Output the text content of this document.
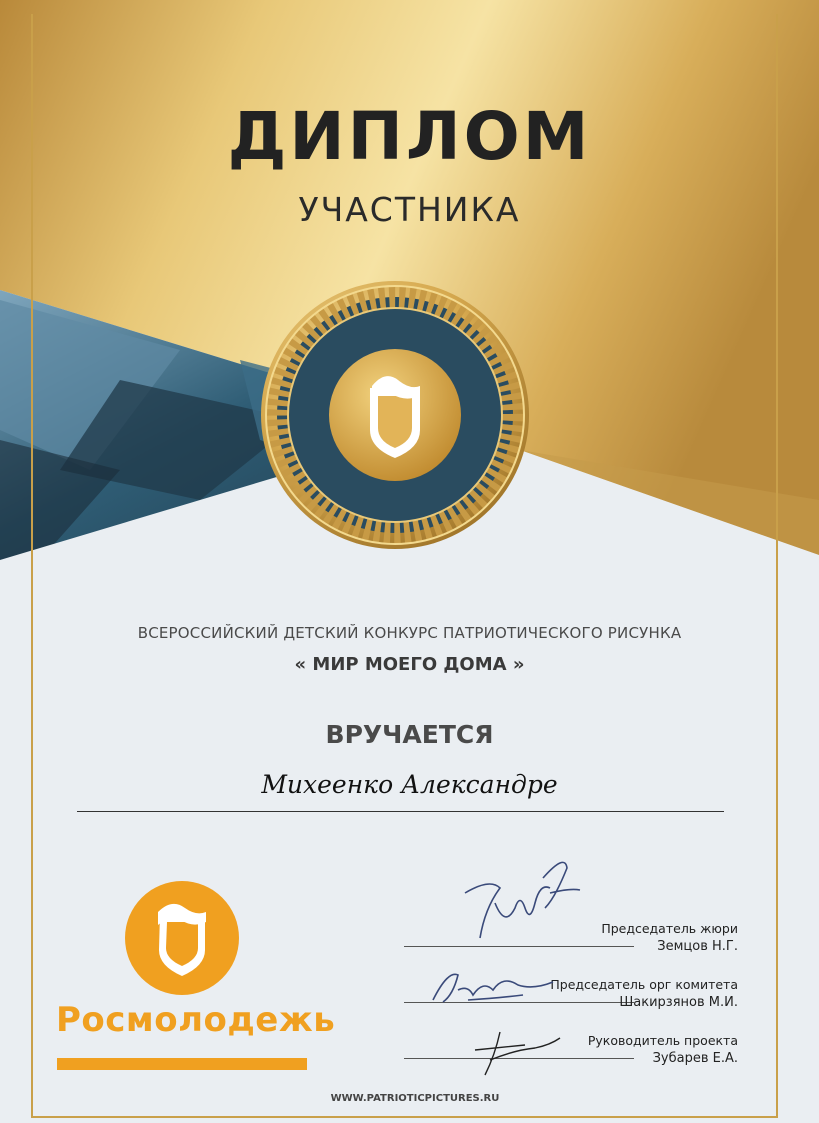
ДИПЛОМ
УЧАСТНИКА
ВСЕРОССИЙСКИЙ ДЕТСКИЙ КОНКУРС ПАТРИОТИЧЕСКОГО РИСУНКА
« МИР МОЕГО ДОМА »
ВРУЧАЕТСЯ
Михеенко Александре
Председатель жюри
Земцов Н.Г.
Председатель орг комитета
Шакирзянов М.И.
Руководитель проекта
Зубарев Е.А.
Росмолодежь
WWW.PATRIOTICPICTURES.RU
